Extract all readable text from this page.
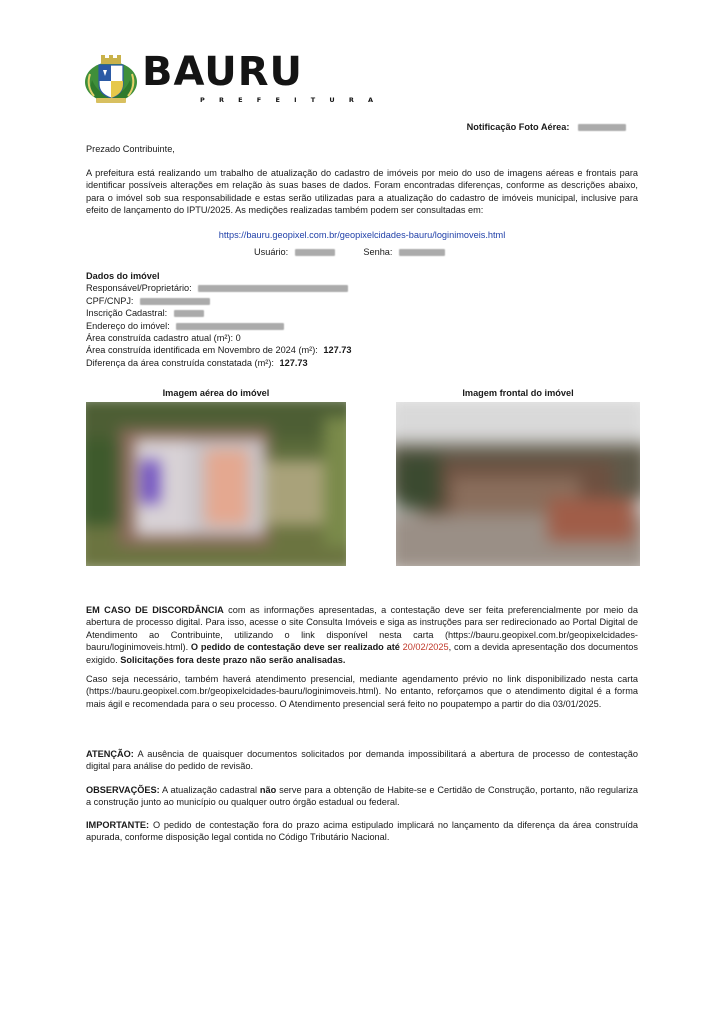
BAURU
PREFEITURA
Notificação Foto Aérea:

Prezado Contribuinte,

A prefeitura está realizando um trabalho de atualização do cadastro de imóveis por meio do uso de imagens aéreas e frontais para identificar possíveis alterações em relação às suas bases de dados. Foram encontradas diferenças, conforme as descrições abaixo, para o imóvel sob sua responsabilidade e estas serão utilizadas para a atualização do cadastro de imóveis municipal, inclusive para efeito de lançamento do IPTU/2025. As medições realizadas também podem ser consultadas em:

https://bauru.geopixel.com.br/geopixelcidades-bauru/loginimoveis.html
Usuário:	Senha:
Dados do imóvel
Responsável/Proprietário:
CPF/CNPJ:
Inscrição Cadastral:
Endereço do imóvel:
Área construída cadastro atual (m²): 0
Área construída identificada em Novembro de 2024 (m²): 127.73
Diferença da área construída constatada (m²): 127.73
Imagem aérea do imóvel	Imagem frontal do imóvel

EM CASO DE DISCORDÂNCIA com as informações apresentadas, a contestação deve ser feita preferencialmente por meio da abertura de processo digital. Para isso, acesse o site Consulta Imóveis e siga as instruções para ser redirecionado ao Portal Digital de Atendimento ao Contribuinte, utilizando o link disponível nesta carta (https://bauru.geopixel.com.br/geopixelcidades-bauru/loginimoveis.html). O pedido de contestação deve ser realizado até 20/02/2025, com a devida apresentação dos documentos exigido. Solicitações fora deste prazo não serão analisadas.

Caso seja necessário, também haverá atendimento presencial, mediante agendamento prévio no link disponibilizado nesta carta (https://bauru.geopixel.com.br/geopixelcidades-bauru/loginimoveis.html). No entanto, reforçamos que o atendimento digital é a forma mais ágil e recomendada para o seu processo. O Atendimento presencial será feito no poupatempo a partir do dia 03/01/2025.

ATENÇÃO: A ausência de quaisquer documentos solicitados por demanda impossibilitará a abertura de processo de contestação digital para análise do pedido de revisão.

OBSERVAÇÕES: A atualização cadastral não serve para a obtenção de Habite-se e Certidão de Construção, portanto, não regulariza a construção junto ao município ou qualquer outro órgão estadual ou federal.

IMPORTANTE: O pedido de contestação fora do prazo acima estipulado implicará no lançamento da diferença da área construída apurada, conforme disposição legal contida no Código Tributário Nacional.
